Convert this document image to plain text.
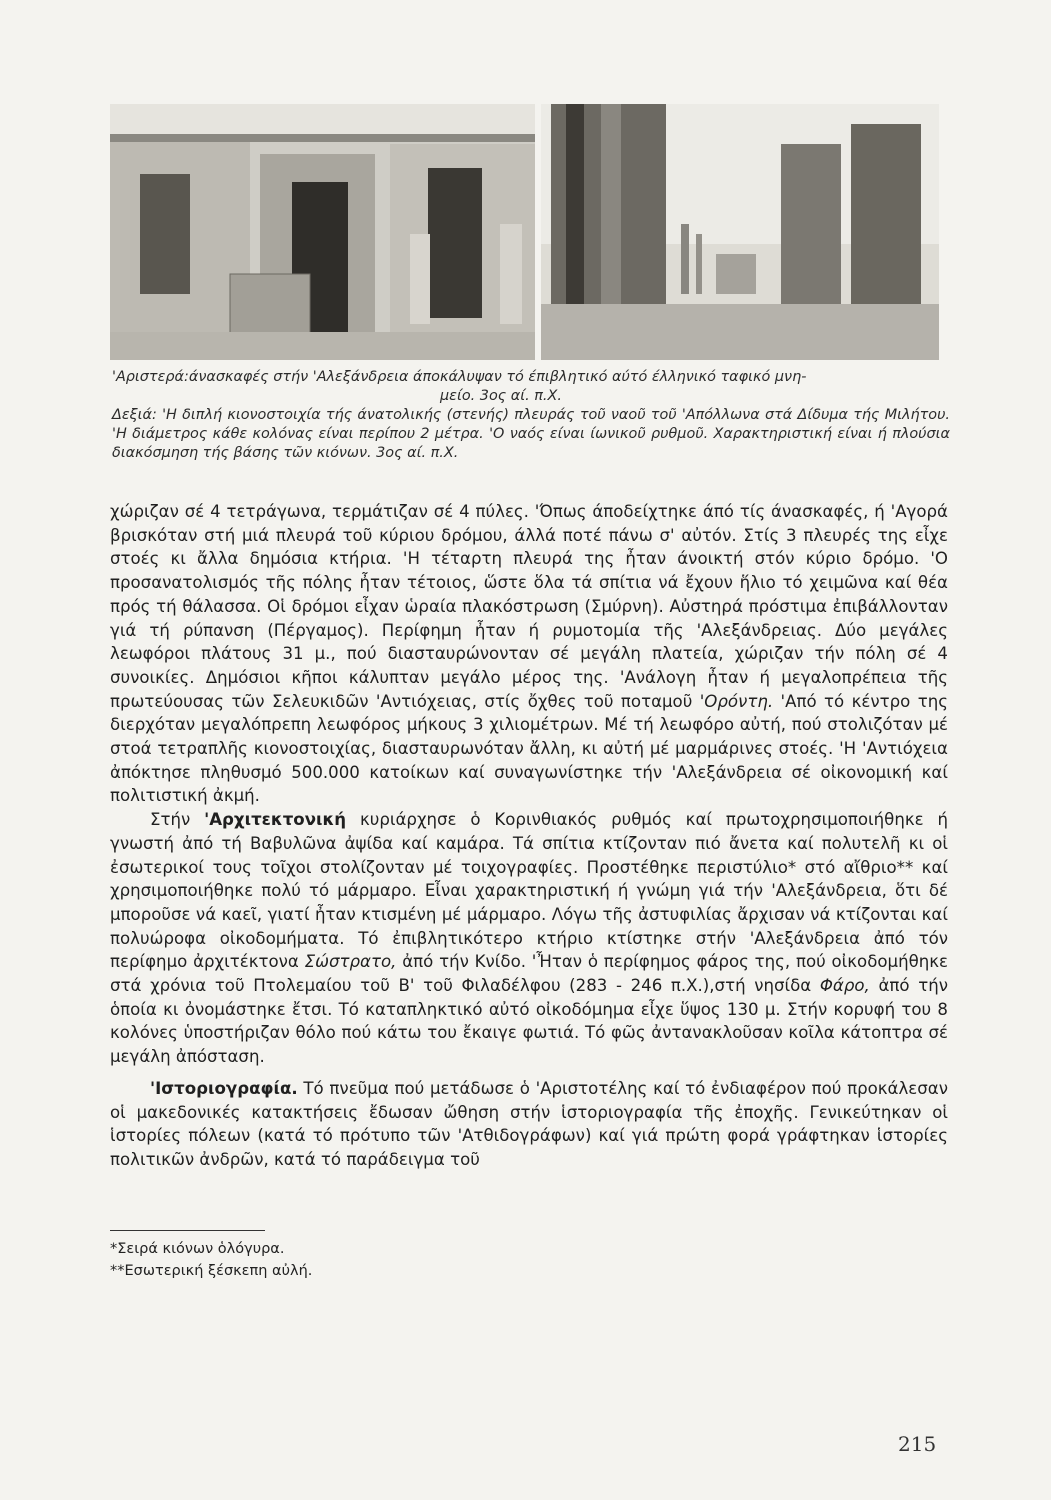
'Αριστερά:άνασκαφές στήν 'Αλεξάνδρεια άποκάλυψαν τό έπιβλητικό αύτό έλληνικό ταφικό μνη-

μείο. 3ος αί. π.Χ.

Δεξιά: 'Η διπλή κιονοστοιχία τής άνατολικής (στενής) πλευράς τοῦ ναοῦ τοῦ 'Απόλλωνα στά Δίδυμα τής Μιλήτου. 'Η διάμετρος κάθε κολόνας είναι περίπου 2 μέτρα. 'Ο ναός είναι ίωνικοῦ ρυθμοῦ. Χαρακτηριστική είναι ή πλούσια διακόσμηση τής βάσης τῶν κιόνων. 3ος αί. π.Χ.

χώριζαν σέ 4 τετράγωνα, τερμάτιζαν σέ 4 πύλες. 'Όπως άποδείχτηκε άπό τίς άνασκαφές, ή 'Αγορά βρισκόταν στή μιά πλευρά τοῦ κύριου δρόμου, άλλά ποτέ πάνω σ' αὐτόν. Στίς 3 πλευρές της εἶχε στοές κι ἄλλα δημόσια κτήρια. 'Η τέταρτη πλευρά της ἦταν άνοικτή στόν κύριο δρόμο. 'Ο προσανατολισμός τῆς πόλης ἦταν τέτοιος, ὥστε ὅλα τά σπίτια νά ἔχουν ἥλιο τό χειμῶνα καί θέα πρός τή θάλασσα. Οἱ δρόμοι εἶχαν ὡραία πλακόστρωση (Σμύρνη). Αὐστηρά πρόστιμα ἐπιβάλλονταν γιά τή ρύπανση (Πέργαμος). Περίφημη ἦταν ή ρυμοτομία τῆς 'Αλεξάνδρειας. Δύο μεγάλες λεωφόροι πλάτους 31 μ., πού διασταυρώνονταν σέ μεγάλη πλατεία, χώριζαν τήν πόλη σέ 4 συνοικίες. Δημόσιοι κῆποι κάλυπταν μεγάλο μέρος της. 'Ανάλογη ἦταν ή μεγαλοπρέπεια τῆς πρωτεύουσας τῶν Σελευκιδῶν 'Αντιόχειας, στίς ὄχθες τοῦ ποταμοῦ 'Ορόντη. 'Από τό κέντρο της διερχόταν μεγαλόπρεπη λεωφόρος μήκους 3 χιλιομέτρων. Μέ τή λεωφόρο αὐτή, πού στολιζόταν μέ στοά τετραπλῆς κιονοστοιχίας, διασταυρωνόταν ἄλλη, κι αὐτή μέ μαρμάρινες στοές. 'Η 'Αντιόχεια ἀπόκτησε πληθυσμό 500.000 κατοίκων καί συναγωνίστηκε τήν 'Αλεξάνδρεια σέ οἰκονομική καί πολιτιστική ἀκμή.

Στήν 'Αρχιτεκτονική κυριάρχησε ὁ Κορινθιακός ρυθμός καί πρωτοχρησιμοποιήθηκε ή γνωστή ἀπό τή Βαβυλῶνα ἀψίδα καί καμάρα. Τά σπίτια κτίζονταν πιό ἄνετα καί πολυτελῆ κι οἱ ἐσωτερικοί τους τοῖχοι στολίζονταν μέ τοιχογραφίες. Προστέθηκε περιστύλιο* στό αἴθριο** καί χρησιμοποιήθηκε πολύ τό μάρμαρο. Εἶναι χαρακτηριστική ή γνώμη γιά τήν 'Αλεξάνδρεια, ὅτι δέ μποροῦσε νά καεῖ, γιατί ἦταν κτισμένη μέ μάρμαρο. Λόγω τῆς ἀστυφιλίας ἄρχισαν νά κτίζονται καί πολυώροφα οἰκοδομήματα. Τό ἐπιβλητικότερο κτήριο κτίστηκε στήν 'Αλεξάνδρεια ἀπό τόν περίφημο ἀρχιτέκτονα Σώστρατο, ἀπό τήν Κνίδο. 'Ἦταν ὁ περίφημος φάρος της, πού οἰκοδομήθηκε στά χρόνια τοῦ Πτολεμαίου τοῦ Β' τοῦ Φιλαδέλφου (283 - 246 π.Χ.),στή νησίδα Φάρο, ἀπό τήν ὁποία κι ὀνομάστηκε ἔτσι. Τό καταπληκτικό αὐτό οἰκοδόμημα εἶχε ὕψος 130 μ. Στήν κορυφή του 8 κολόνες ὑποστήριζαν θόλο πού κάτω του ἔκαιγε φωτιά. Τό φῶς ἀντανακλοῦσαν κοῖλα κάτοπτρα σέ μεγάλη ἀπόσταση.

'Ιστοριογραφία. Τό πνεῦμα πού μετάδωσε ὁ 'Αριστοτέλης καί τό ἐνδιαφέρον πού προκάλεσαν οἱ μακεδονικές κατακτήσεις ἔδωσαν ὤθηση στήν ἱστοριογραφία τῆς ἐποχῆς. Γενικεύτηκαν οἱ ἱστορίες πόλεων (κατά τό πρότυπο τῶν 'Ατθιδογράφων) καί γιά πρώτη φορά γράφτηκαν ἱστορίες πολιτικῶν ἀνδρῶν, κατά τό παράδειγμα τοῦ

*Σειρά κιόνων ὁλόγυρα.

**Εσωτερική ξέσκεπη αὐλή.

215
